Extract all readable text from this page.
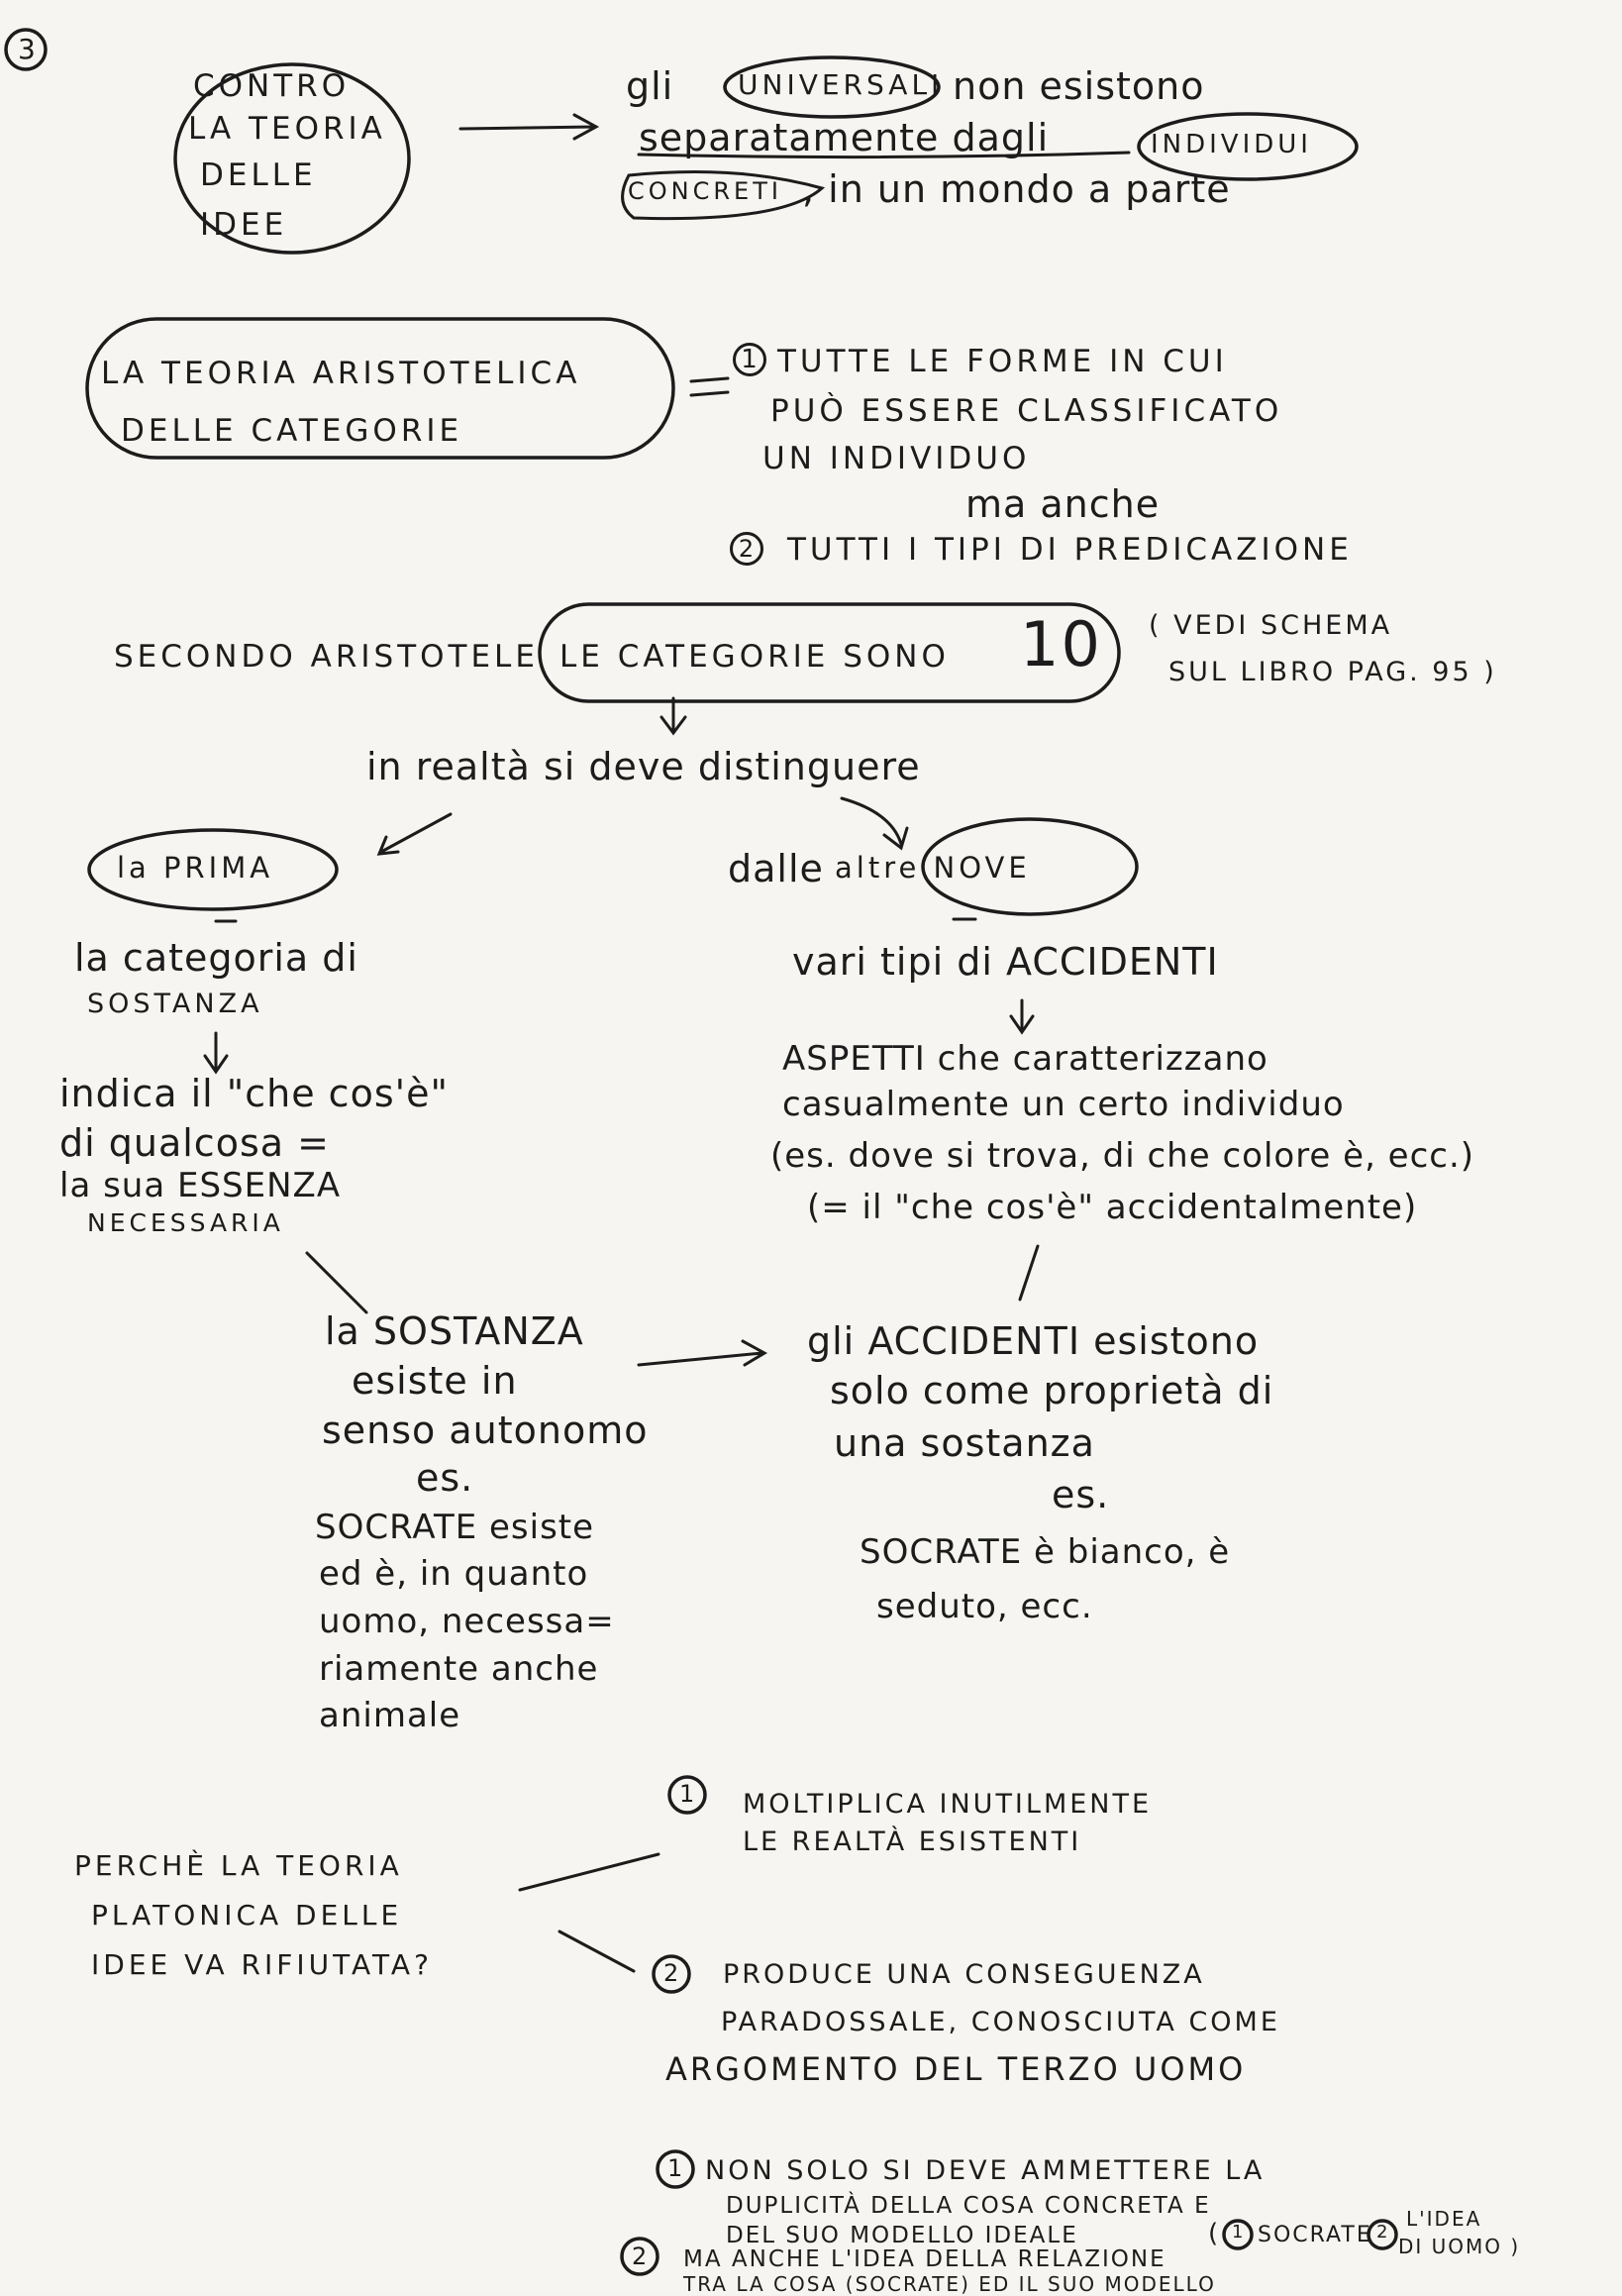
3
CONTRO
LA TEORIA
DELLE
IDEE
gli UNIVERSALI non esistono
separatamente dagli	INDIVIDUI
CONCRETI , in un mondo a parte
LA TEORIA ARISTOTELICA
DELLE CATEGORIE
1 TUTTE LE FORME IN CUI
PUÒ ESSERE CLASSIFICATO
UN INDIVIDUO
ma anche
2 TUTTI I TIPI DI PREDICAZIONE
SECONDO ARISTOTELE LE CATEGORIE SONO 10 ( VEDI SCHEMA
SUL LIBRO PAG. 95 )
in realtà si deve distinguere
la PRIMA
la categoria di
SOSTANZA
indica il "che cos'è"
di qualcosa =
la sua ESSENZA
NECESSARIA
la SOSTANZA
esiste in
senso autonomo
es.
SOCRATE esiste
ed è, in quanto
uomo, necessa=
riamente anche
animale
dalle altre NOVE
vari tipi di ACCIDENTI
ASPETTI che caratterizzano
casualmente un certo individuo
(es. dove si trova, di che colore è, ecc.)
(= il "che cos'è" accidentalmente)
gli ACCIDENTI esistono
solo come proprietà di
una sostanza
es.
SOCRATE è bianco, è
seduto, ecc.
PERCHÈ LA TEORIA
PLATONICA DELLE
IDEE VA RIFIUTATA?
1 MOLTIPLICA INUTILMENTE
LE REALTÀ ESISTENTI
2 PRODUCE UNA CONSEGUENZA
PARADOSSALE, CONOSCIUTA COME
ARGOMENTO DEL TERZO UOMO
1 NON SOLO SI DEVE AMMETTERE LA
DUPLICITÀ DELLA COSA CONCRETA E
DEL SUO MODELLO IDEALE	( 1 SOCRATE 2
L'IDEA
DI UOMO )
2 MA ANCHE L'IDEA DELLA RELAZIONE
TRA LA COSA (SOCRATE) ED IL SUO MODELLO
